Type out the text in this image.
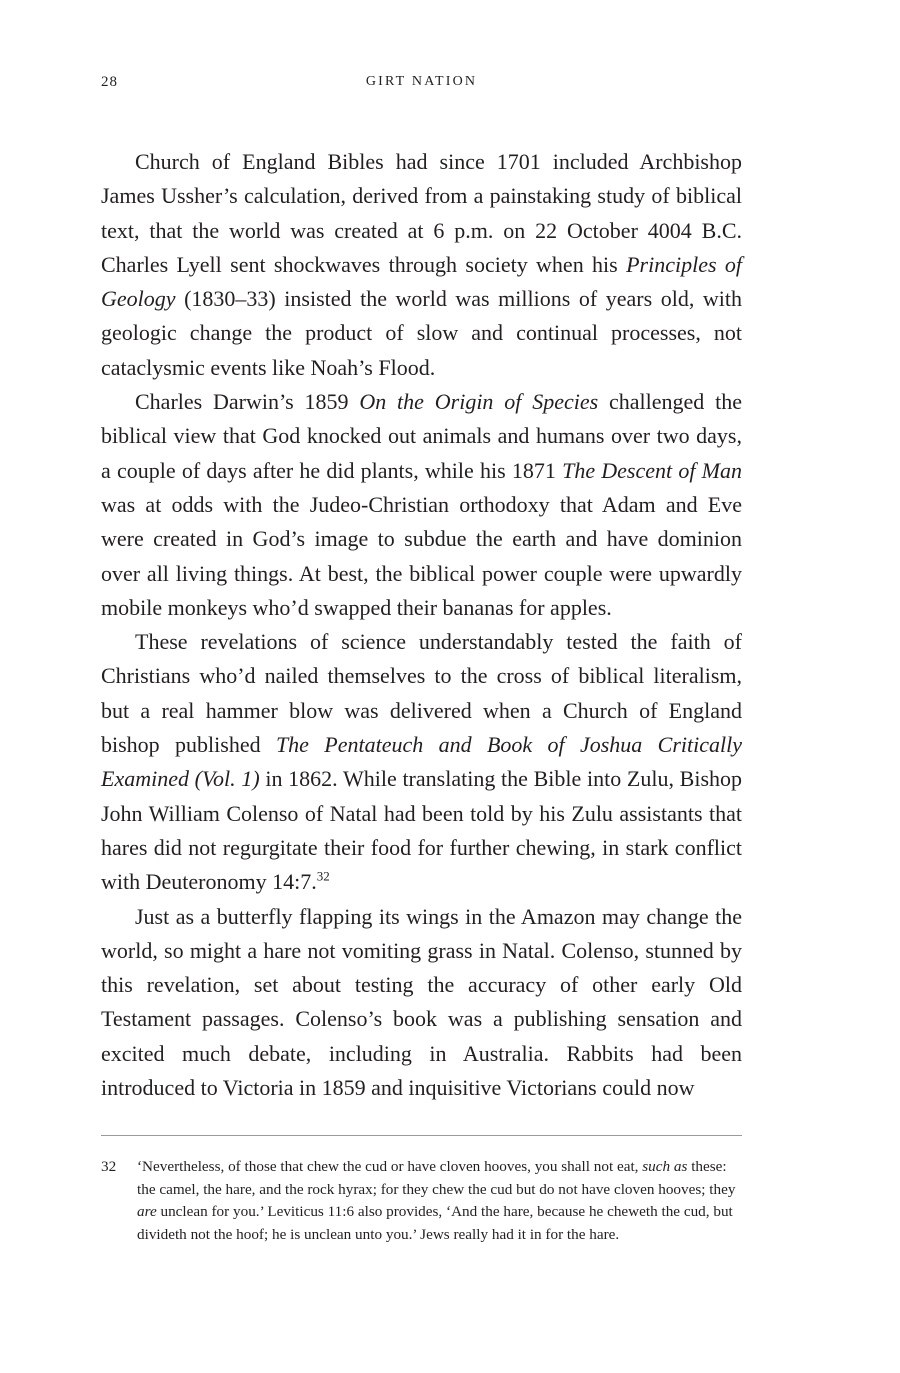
28	GIRT NATION

Church of England Bibles had since 1701 included Archbishop James Ussher’s calculation, derived from a painstaking study of biblical text, that the world was created at 6 p.m. on 22 October 4004 B.C. Charles Lyell sent shockwaves through society when his Principles of Geology (1830–33) insisted the world was millions of years old, with geologic change the product of slow and continual processes, not cataclysmic events like Noah’s Flood.

Charles Darwin’s 1859 On the Origin of Species challenged the biblical view that God knocked out animals and humans over two days, a couple of days after he did plants, while his 1871 The Descent of Man was at odds with the Judeo-Christian orthodoxy that Adam and Eve were created in God’s image to subdue the earth and have dominion over all living things. At best, the biblical power couple were upwardly mobile monkeys who’d swapped their bananas for apples.

These revelations of science understandably tested the faith of Christians who’d nailed themselves to the cross of biblical literalism, but a real hammer blow was delivered when a Church of England bishop published The Pentateuch and Book of Joshua Critically Examined (Vol. 1) in 1862. While translating the Bible into Zulu, Bishop John William Colenso of Natal had been told by his Zulu assistants that hares did not regurgitate their food for further chewing, in stark conflict with Deuteronomy 14:7.32

Just as a butterfly flapping its wings in the Amazon may change the world, so might a hare not vomiting grass in Natal. Colenso, stunned by this revelation, set about testing the accuracy of other early Old Testament passages. Colenso’s book was a publishing sensation and excited much debate, including in Australia. Rabbits had been introduced to Victoria in 1859 and inquisitive Victorians could now

32 ‘Nevertheless, of those that chew the cud or have cloven hooves, you shall not eat, such as these: the camel, the hare, and the rock hyrax; for they chew the cud but do not have cloven hooves; they are unclean for you.’ Leviticus 11:6 also provides, ‘And the hare, because he cheweth the cud, but divideth not the hoof; he is unclean unto you.’ Jews really had it in for the hare.
